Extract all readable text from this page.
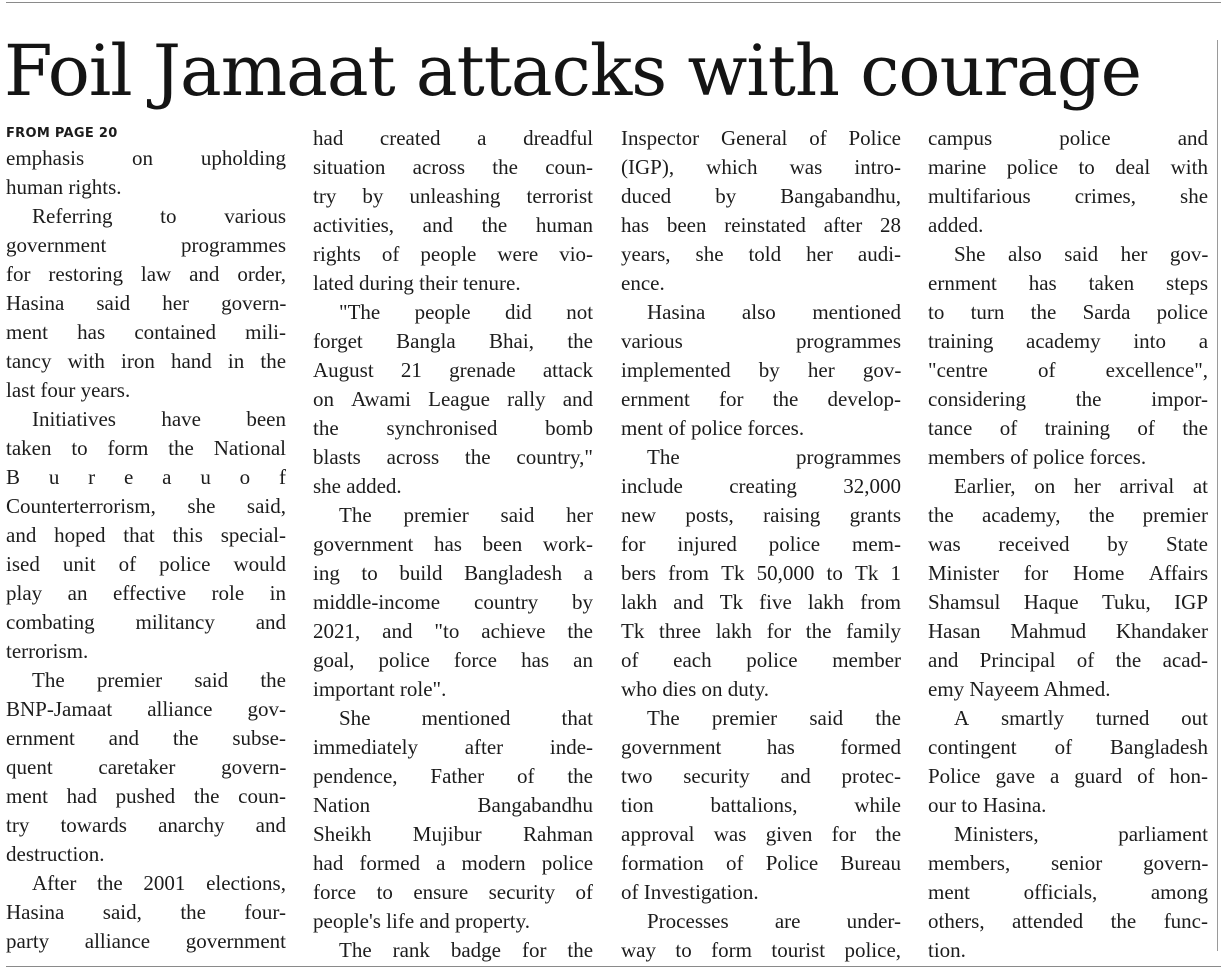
Foil Jamaat attacks with courage
FROM PAGE 20
emphasis on upholding
human rights.
Referring to various
government	programmes
for restoring law and order,
Hasina said her govern-
ment has contained mili-
tancy with iron hand in the
last four years.
Initiatives have been
taken to form the National
B u r e a u o f
Counterterrorism, she said,
and hoped that this special-
ised unit of police would
play an effective role in
combating militancy and
terrorism.
The premier said the
BNP-Jamaat alliance gov-
ernment and the subse-
quent caretaker govern-
ment had pushed the coun-
try towards anarchy and
destruction.
After the 2001 elections,
Hasina said, the four-
party alliance government
had created a dreadful
situation across the coun-
try by unleashing terrorist
activities, and the human
rights of people were vio-
lated during their tenure.
"The people did not
forget Bangla Bhai, the
August 21 grenade attack
on Awami League rally and
the synchronised bomb
blasts across the country,"
she added.
The premier said her
government has been work-
ing to build Bangladesh a
middle-income country by
2021, and "to achieve the
goal, police force has an
important role".
She mentioned that
immediately after inde-
pendence, Father of the
Nation	Bangabandhu
Sheikh Mujibur Rahman
had formed a modern police
force to ensure security of
people's life and property.
The rank badge for the
Inspector General of Police
(IGP), which was intro-
duced by Bangabandhu,
has been reinstated after 28
years, she told her audi-
ence.
Hasina also mentioned
various	programmes
implemented by her gov-
ernment for the develop-
ment of police forces.
The	programmes
include creating 32,000
new posts, raising grants
for injured police mem-
bers from Tk 50,000 to Tk 1
lakh and Tk five lakh from
Tk three lakh for the family
of each police member
who dies on duty.
The premier said the
government has formed
two security and protec-
tion	battalions,	while
approval was given for the
formation of Police Bureau
of Investigation.
Processes are under-
way to form tourist police,
campus	police	and
marine police to deal with
multifarious crimes, she
added.
She also said her gov-
ernment has taken steps
to turn the Sarda police
training academy into a
"centre of excellence",
considering the impor-
tance of training of the
members of police forces.
Earlier, on her arrival at
the academy, the premier
was received by State
Minister for Home Affairs
Shamsul Haque Tuku, IGP
Hasan Mahmud Khandaker
and Principal of the acad-
emy Nayeem Ahmed.
A smartly turned out
contingent of Bangladesh
Police gave a guard of hon-
our to Hasina.
Ministers,	parliament
members, senior govern-
ment	officials,	among
others, attended the func-
tion.
